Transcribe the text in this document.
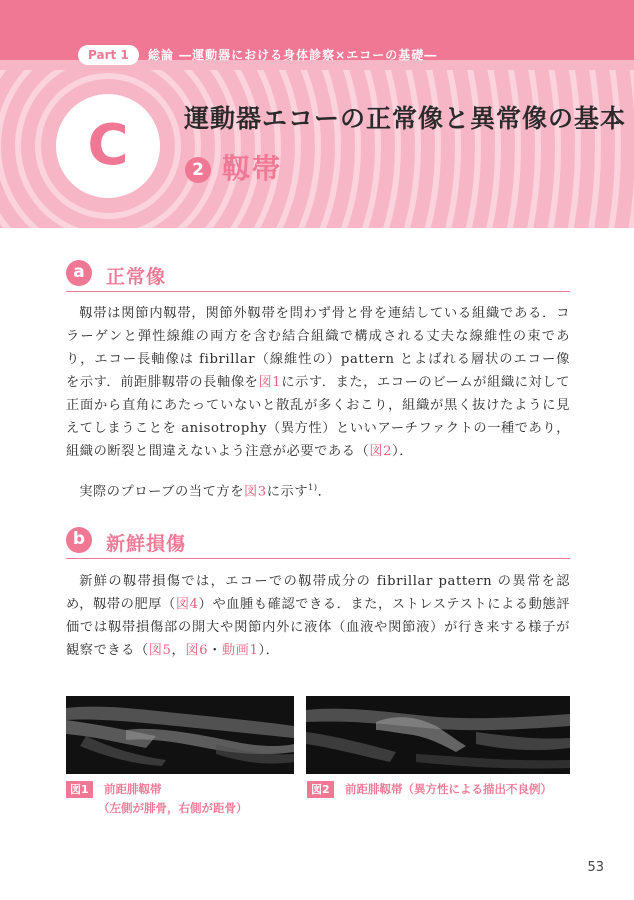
Part 1	総論 ―運動器における身体診察×エコーの基礎―
C 運動器エコーの正常像と異常像の基本
2 靱帯
a	正常像

靱帯は関節内靱帯，関節外靱帯を問わず骨と骨を連結している組織である．コラーゲンと弾性線維の両方を含む結合組織で構成される丈夫な線維性の束であり，エコー長軸像は fibrillar（線維性の）pattern とよばれる層状のエコー像を示す．前距腓靱帯の長軸像を図1に示す．また，エコーのビームが組織に対して正面から直角にあたっていないと散乱が多くおこり，組織が黒く抜けたように見えてしまうことを anisotrophy（異方性）といいアーチファクトの一種であり，組織の断裂と間違えないよう注意が必要である（図2）．

実際のプローブの当て方を図3に示す$^{1)}$．

b	新鮮損傷

新鮮の靱帯損傷では，エコーでの靱帯成分の fibrillar pattern の異常を認め，靱帯の肥厚（図4）や血腫も確認できる．また，ストレステストによる動態評価では靱帯損傷部の開大や関節内外に液体（血液や関節液）が行き来する様子が観察できる（図5，図6・動画1）．

図1	前距腓靱帯
（左側が腓骨，右側が距骨）
図2	前距腓靱帯（異方性による描出不良例）
53
